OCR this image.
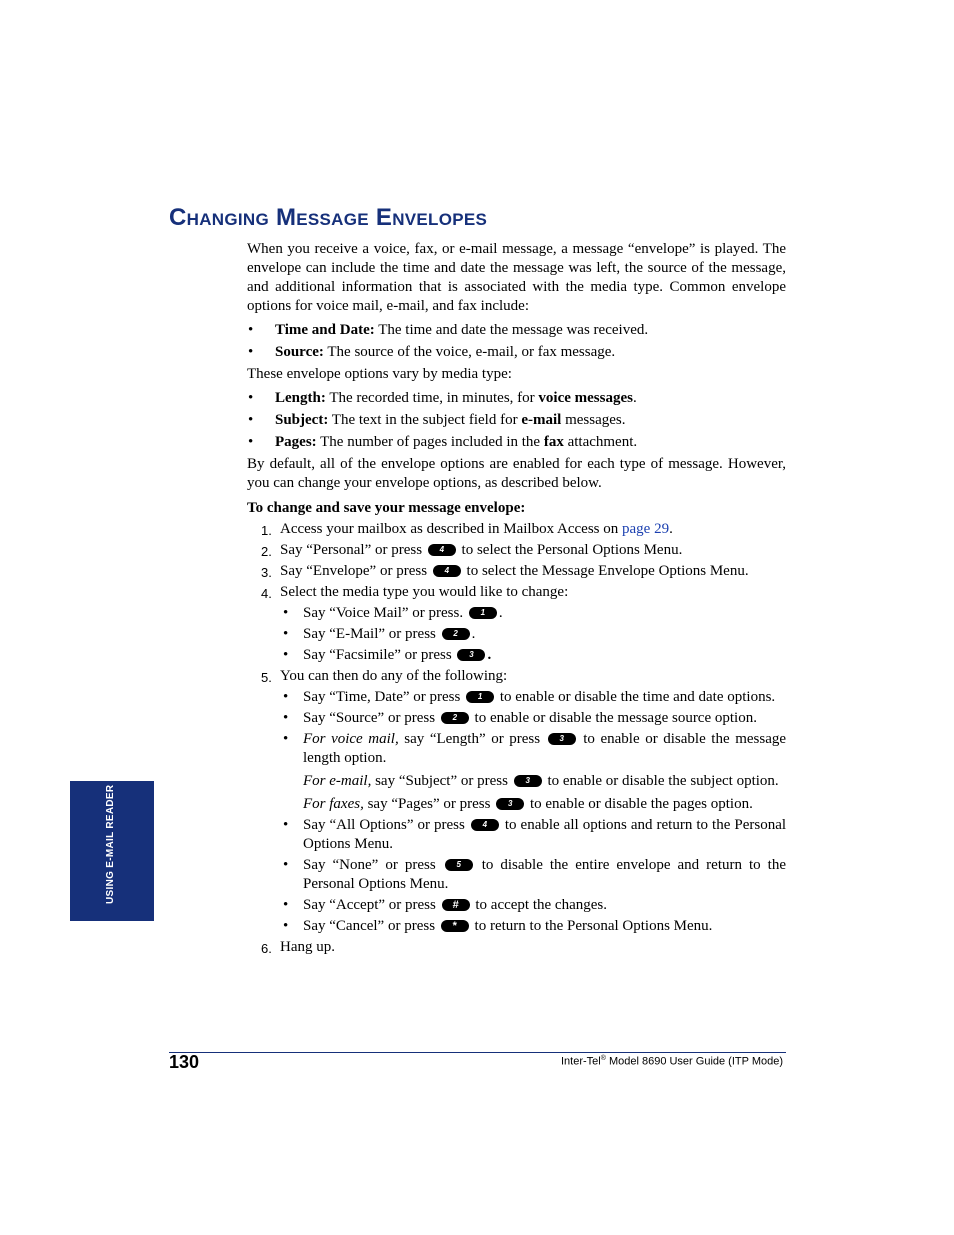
Changing Message Envelopes

When you receive a voice, fax, or e-mail message, a message “envelope” is played. The envelope can include the time and date the message was left, the source of the message, and additional information that is associated with the media type. Common envelope options for voice mail, e-mail, and fax include:

• Time and Date: The time and date the message was received.
• Source: The source of the voice, e-mail, or fax message.

These envelope options vary by media type:

• Length: The recorded time, in minutes, for voice messages.
• Subject: The text in the subject field for e-mail messages.
• Pages: The number of pages included in the fax attachment.

By default, all of the envelope options are enabled for each type of message. However, you can change your envelope options, as described below.

To change and save your message envelope:
1. Access your mailbox as described in Mailbox Access on page 29.
2. Say “Personal” or press 4 to select the Personal Options Menu.
3. Say “Envelope” or press 4 to select the Message Envelope Options Menu.
4. Select the media type you would like to change:
• Say “Voice Mail” or press. 1 .
• Say “E-Mail” or press 2 .
• Say “Facsimile” or press 3 .
5. You can then do any of the following:
• Say “Time, Date” or press 1 to enable or disable the time and date options.
• Say “Source” or press 2 to enable or disable the message source option.
• For voice mail, say “Length” or press 3 to enable or disable the message length option.
For e-mail, say “Subject” or press 3 to enable or disable the subject option.
For faxes, say “Pages” or press 3 to enable or disable the pages option.
• Say “All Options” or press 4 to enable all options and return to the Personal Options Menu.
• Say “None” or press	5 to disable the entire envelope and return to the Personal Options Menu.
• Say “Accept” or press # to accept the changes.
• Say “Cancel” or press * to return to the Personal Options Menu.
6. Hang up.
USING E-MAIL READER
130	Inter-Tel® Model 8690 User Guide (ITP Mode)
